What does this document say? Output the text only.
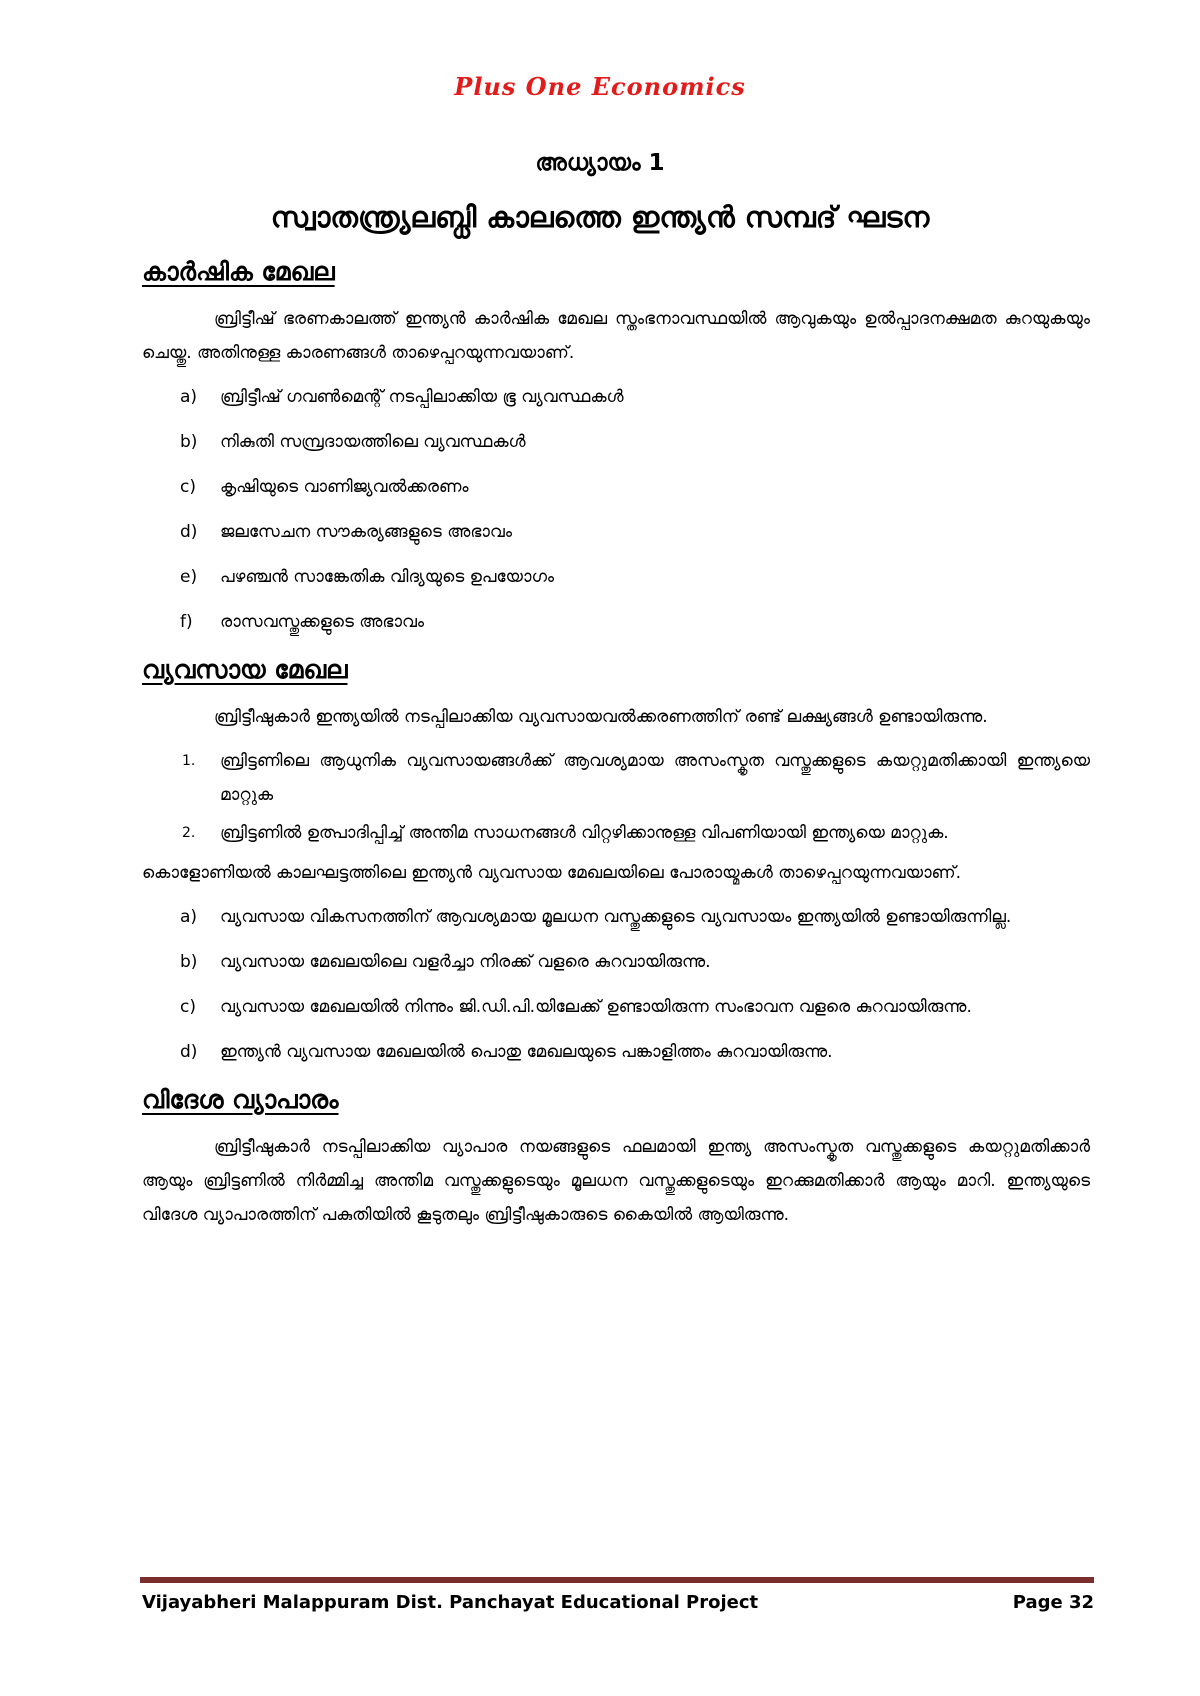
Plus One Economics
അധ്യായം 1
സ്വാതന്ത്ര്യലബ്ധി കാലത്തെ ഇന്ത്യൻ സമ്പദ് ഘടന
കാർഷിക മേഖല

ബ്രിട്ടീഷ് ഭരണകാലത്ത് ഇന്ത്യൻ കാർഷിക മേഖല സ്തംഭനാവസ്ഥയിൽ ആവുകയും ഉൽപ്പാദനക്ഷമത കുറയുകയും ചെയ്തു. അതിനുള്ള കാരണങ്ങൾ താഴെപ്പറയുന്നവയാണ്.

a) ബ്രിട്ടീഷ് ഗവൺമെന്റ് നടപ്പിലാക്കിയ ഭൂ വ്യവസ്ഥകൾ
b) നികുതി സമ്പ്രദായത്തിലെ വ്യവസ്ഥകൾ
c) കൃഷിയുടെ വാണിജ്യവൽക്കരണം
d) ജലസേചന സൗകര്യങ്ങളുടെ അഭാവം
e) പഴഞ്ചൻ സാങ്കേതിക വിദ്യയുടെ ഉപയോഗം
f) രാസവസ്തുക്കളുടെ അഭാവം
വ്യവസായ മേഖല

ബ്രിട്ടീഷുകാർ ഇന്ത്യയിൽ നടപ്പിലാക്കിയ വ്യവസായവൽക്കരണത്തിന് രണ്ട് ലക്ഷ്യങ്ങൾ ഉണ്ടായിരുന്നു.

1. ബ്രിട്ടണിലെ ആധുനിക വ്യവസായങ്ങൾക്ക് ആവശ്യമായ അസംസ്കൃത വസ്തുക്കളുടെ കയറ്റുമതിക്കായി ഇന്ത്യയെ മാറ്റുക
2. ബ്രിട്ടണിൽ ഉത്പാദിപ്പിച്ച് അന്തിമ സാധനങ്ങൾ വിറ്റഴിക്കാനുള്ള വിപണിയായി ഇന്ത്യയെ മാറ്റുക.

കൊളോണിയൽ കാലഘട്ടത്തിലെ ഇന്ത്യൻ വ്യവസായ മേഖലയിലെ പോരായ്മകൾ താഴെപ്പറയുന്നവയാണ്.

a) വ്യവസായ വികസനത്തിന് ആവശ്യമായ മൂലധന വസ്തുക്കളുടെ വ്യവസായം ഇന്ത്യയിൽ ഉണ്ടായിരുന്നില്ല.
b) വ്യവസായ മേഖലയിലെ വളർച്ചാ നിരക്ക് വളരെ കുറവായിരുന്നു.
c) വ്യവസായ മേഖലയിൽ നിന്നും ജി.ഡി.പി.യിലേക്ക് ഉണ്ടായിരുന്ന സംഭാവന വളരെ കുറവായിരുന്നു.
d) ഇന്ത്യൻ വ്യവസായ മേഖലയിൽ പൊതു മേഖലയുടെ പങ്കാളിത്തം കുറവായിരുന്നു.
വിദേശ വ്യാപാരം

ബ്രിട്ടീഷുകാർ നടപ്പിലാക്കിയ വ്യാപാര നയങ്ങളുടെ ഫലമായി ഇന്ത്യ അസംസ്കൃത വസ്തുക്കളുടെ കയറ്റുമതിക്കാർ ആയും ബ്രിട്ടണിൽ നിർമ്മിച്ച അന്തിമ വസ്തുക്കളുടെയും മൂലധന വസ്തുക്കളുടെയും ഇറക്കുമതിക്കാർ ആയും മാറി. ഇന്ത്യയുടെ വിദേശ വ്യാപാരത്തിന് പകുതിയിൽ കൂടുതലും ബ്രിട്ടീഷുകാരുടെ കൈയിൽ ആയിരുന്നു.

Vijayabheri Malappuram Dist. Panchayat Educational Project	Page 32
